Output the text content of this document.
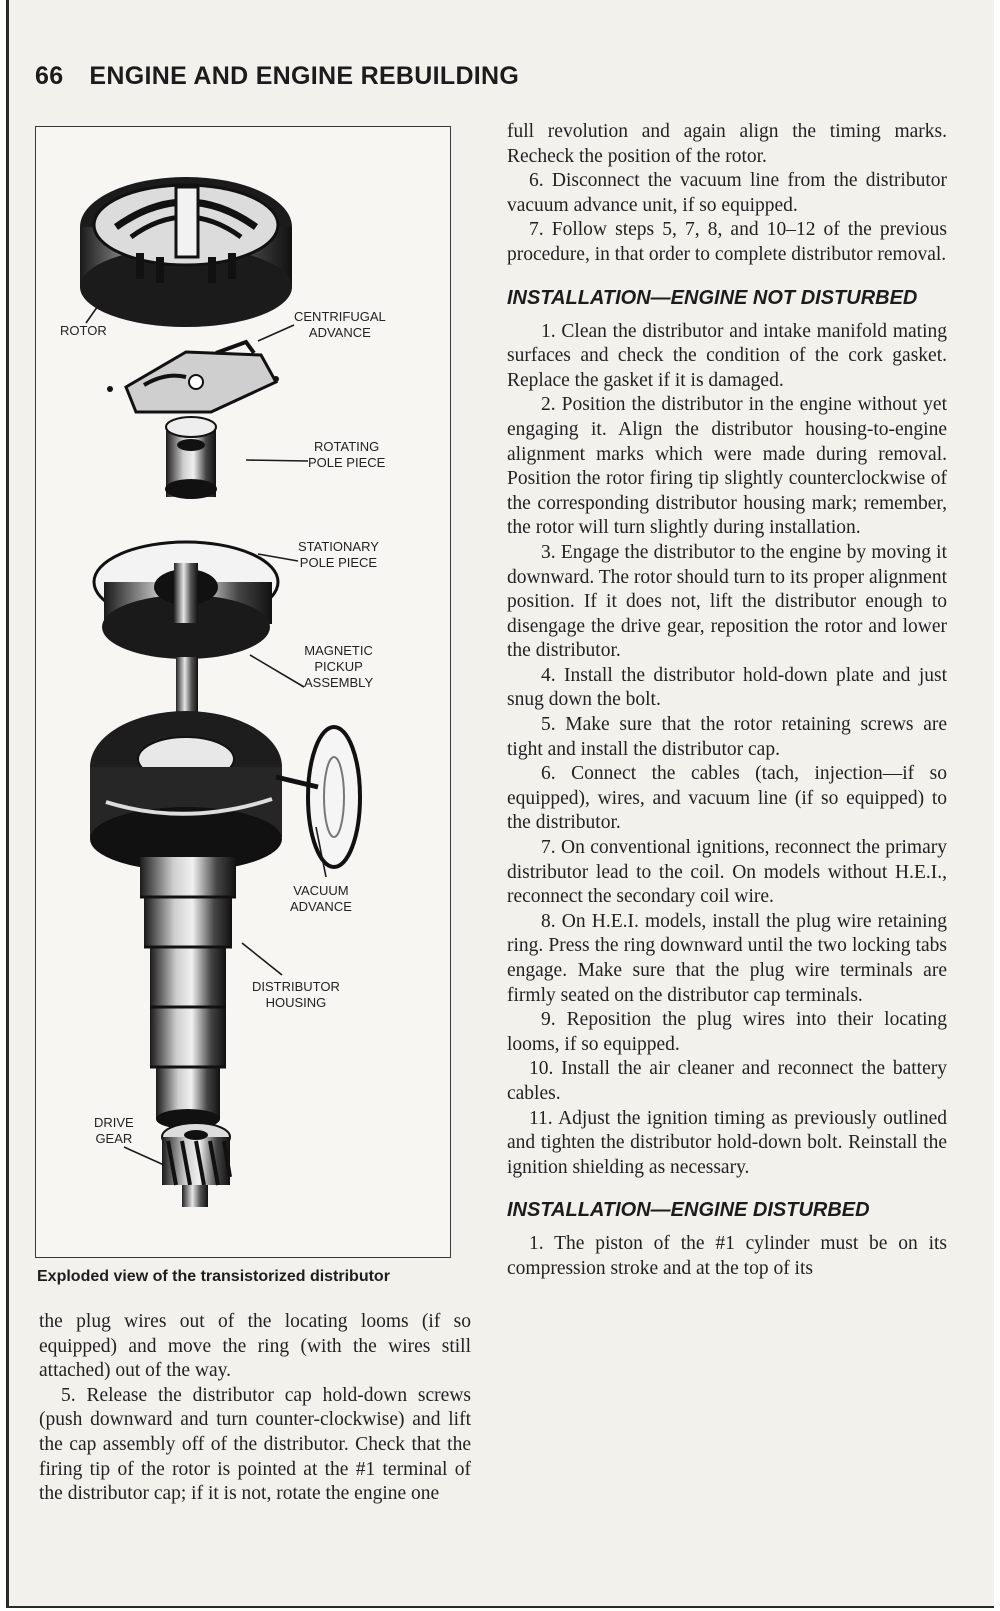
66 ENGINE AND ENGINE REBUILDING
ROTOR
CENTRIFUGAL
ADVANCE
ROTATING
POLE PIECE
STATIONARY
POLE PIECE
MAGNETIC
PICKUP
ASSEMBLY
VACUUM
ADVANCE
DISTRIBUTOR
HOUSING
DRIVE
GEAR
Exploded view of the transistorized distributor

the plug wires out of the locating looms (if so equipped) and move the ring (with the wires still attached) out of the way.

5. Release the distributor cap hold-down screws (push downward and turn counter-clockwise) and lift the cap assembly off of the distributor. Check that the firing tip of the rotor is pointed at the #1 terminal of the distributor cap; if it is not, rotate the engine one

full revolution and again align the timing marks. Recheck the position of the rotor.

6. Disconnect the vacuum line from the distributor vacuum advance unit, if so equipped.

7. Follow steps 5, 7, 8, and 10–12 of the previous procedure, in that order to complete distributor removal.

INSTALLATION—ENGINE NOT DISTURBED

1. Clean the distributor and intake manifold mating surfaces and check the condition of the cork gasket. Replace the gasket if it is damaged.

2. Position the distributor in the engine without yet engaging it. Align the distributor housing-to-engine alignment marks which were made during removal. Position the rotor firing tip slightly counterclockwise of the corresponding distributor housing mark; remember, the rotor will turn slightly during installation.

3. Engage the distributor to the engine by moving it downward. The rotor should turn to its proper alignment position. If it does not, lift the distributor enough to disengage the drive gear, reposition the rotor and lower the distributor.

4. Install the distributor hold-down plate and just snug down the bolt.

5. Make sure that the rotor retaining screws are tight and install the distributor cap.

6. Connect the cables (tach, injection—if so equipped), wires, and vacuum line (if so equipped) to the distributor.

7. On conventional ignitions, reconnect the primary distributor lead to the coil. On models without H.E.I., reconnect the secondary coil wire.

8. On H.E.I. models, install the plug wire retaining ring. Press the ring downward until the two locking tabs engage. Make sure that the plug wire terminals are firmly seated on the distributor cap terminals.

9. Reposition the plug wires into their locating looms, if so equipped.

10. Install the air cleaner and reconnect the battery cables.

11. Adjust the ignition timing as previously outlined and tighten the distributor hold-down bolt. Reinstall the ignition shielding as necessary.

INSTALLATION—ENGINE DISTURBED

1. The piston of the #1 cylinder must be on its compression stroke and at the top of its
